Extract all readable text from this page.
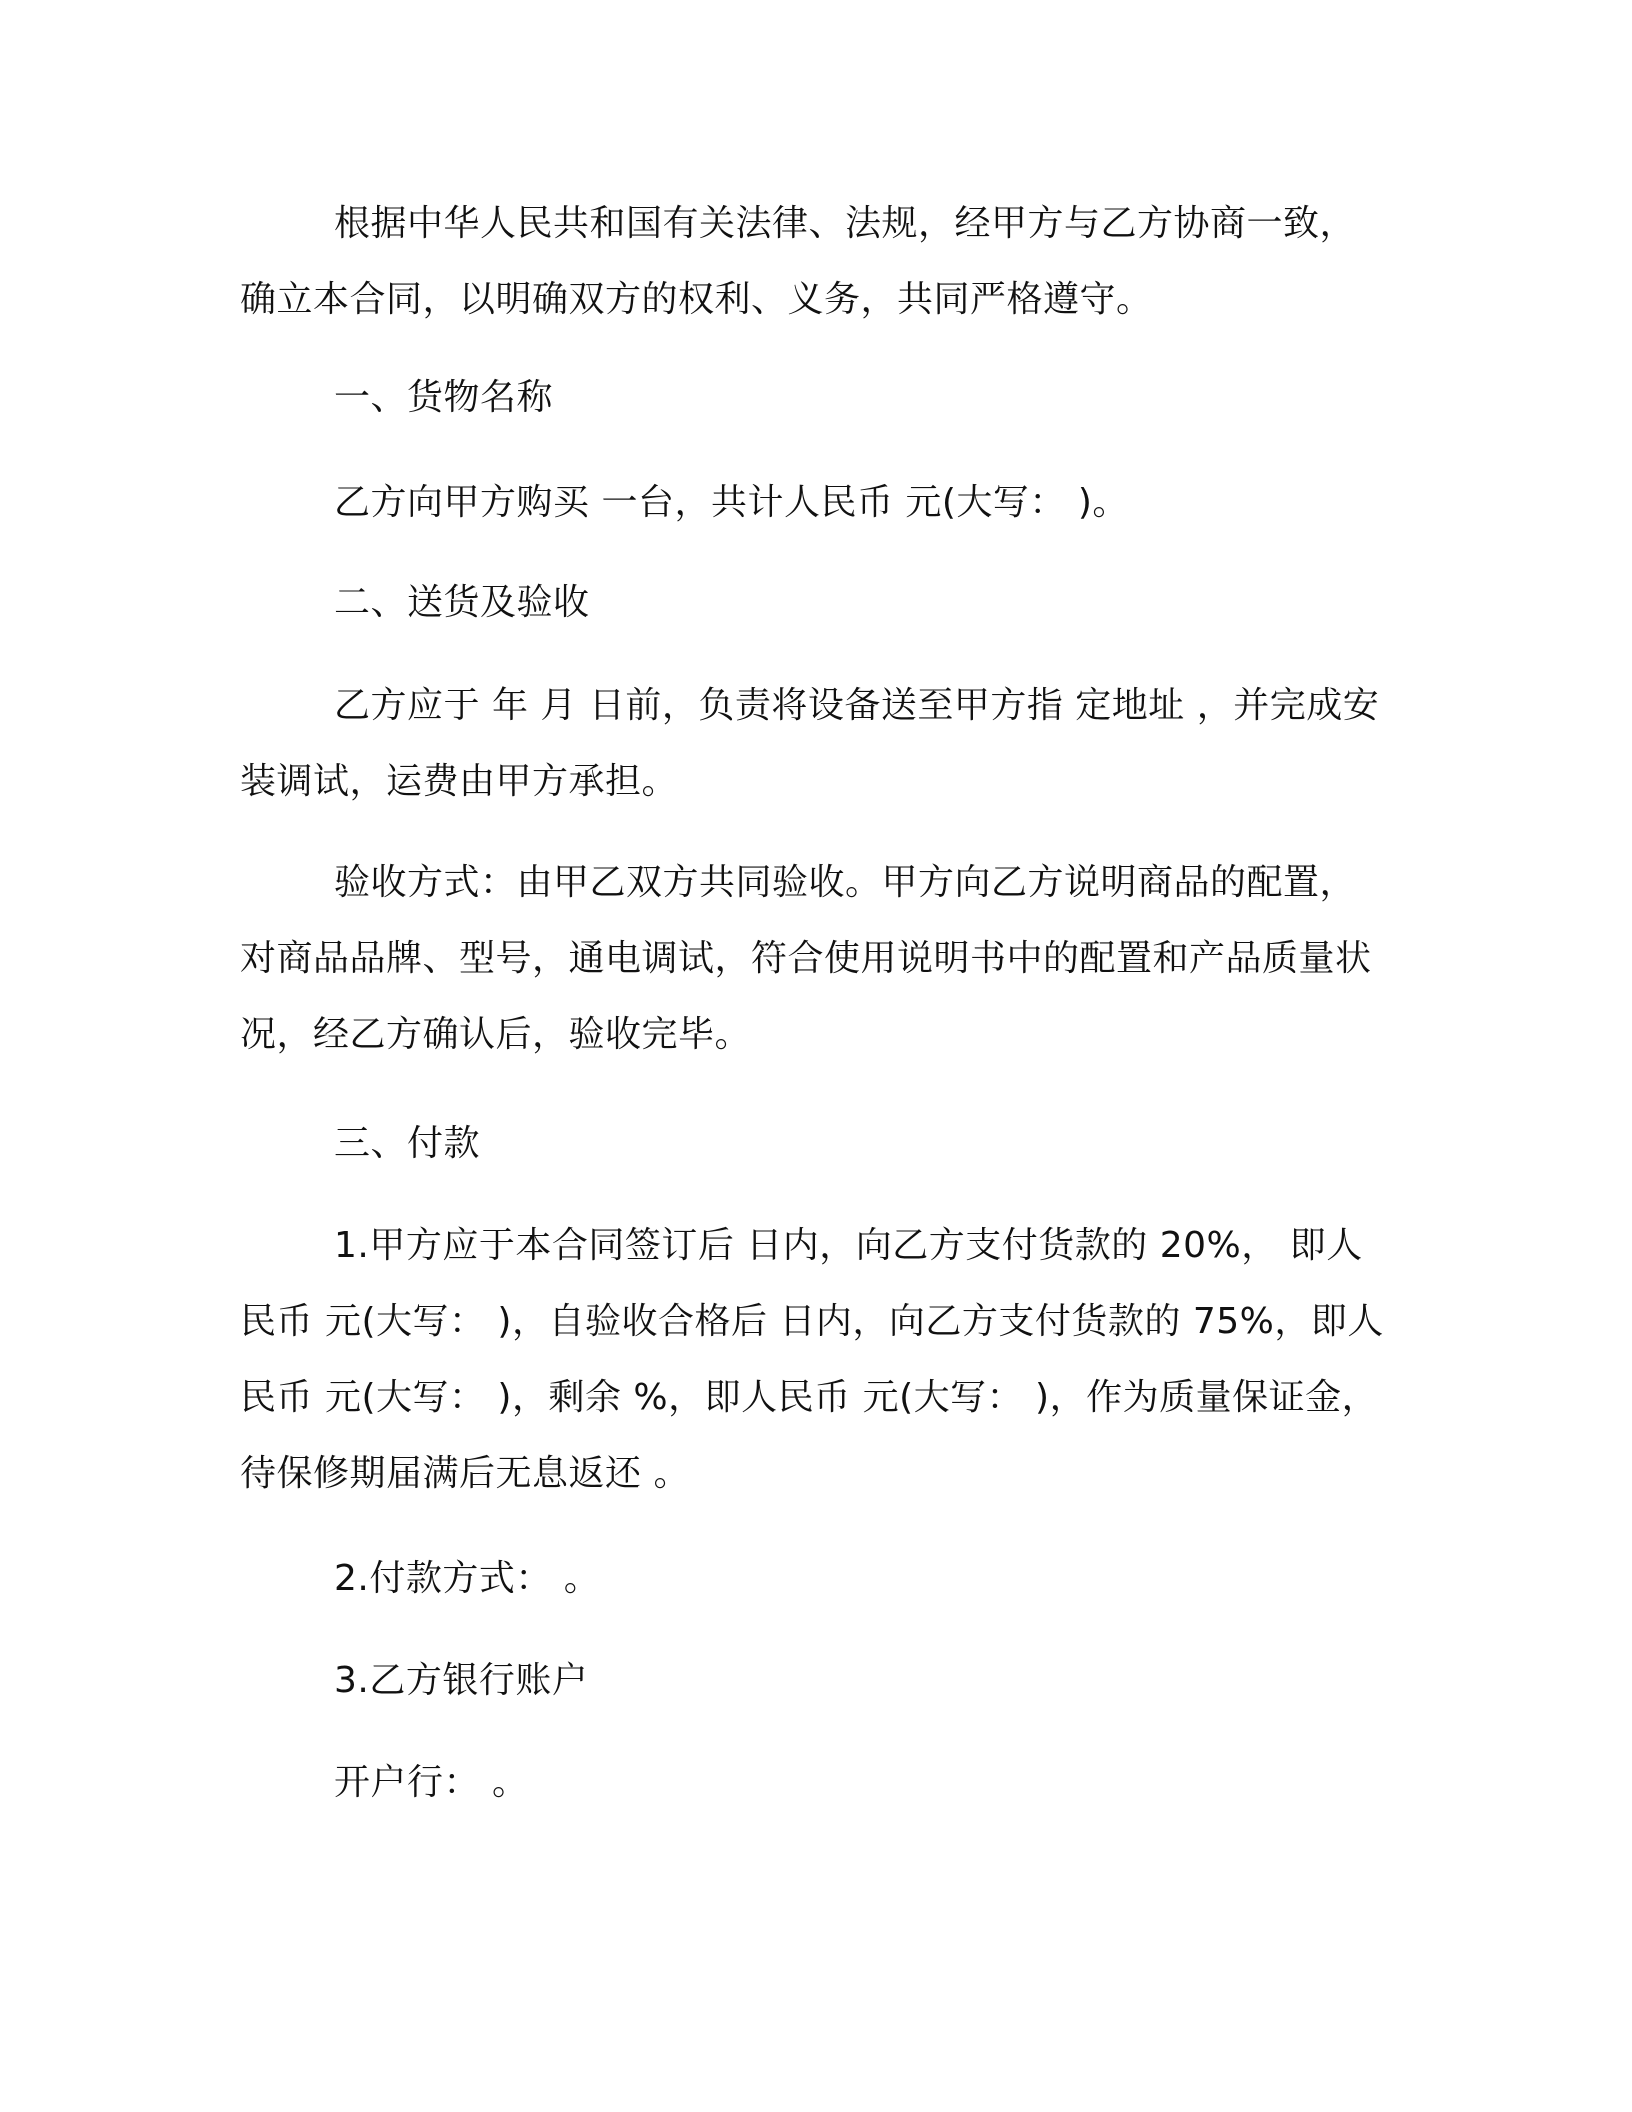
根据中华人民共和国有关法律、法规，经甲方与乙方协商一致，确立本合同，以明确双方的权利、义务，共同严格遵守。

一、货物名称

乙方向甲方购买 一台，共计人民币 元(大写： )。

二、送货及验收

乙方应于 年 月 日前，负责将设备送至甲方指 定地址 ，并完成安装调试，运费由甲方承担。

验收方式：由甲乙双方共同验收。甲方向乙方说明商品的配置，对商品品牌、型号，通电调试，符合使用说明书中的配置和产品质量状况，经乙方确认后，验收完毕。

三、付款

1.甲方应于本合同签订后 日内，向乙方支付货款的 20%， 即人民币 元(大写： )，自验收合格后 日内，向乙方支付货款的 75%，即人民币 元(大写： )，剩余 %，即人民币 元(大写： )，作为质量保证金，待保修期届满后无息返还 。

2.付款方式： 。

3.乙方银行账户

开户行： 。
